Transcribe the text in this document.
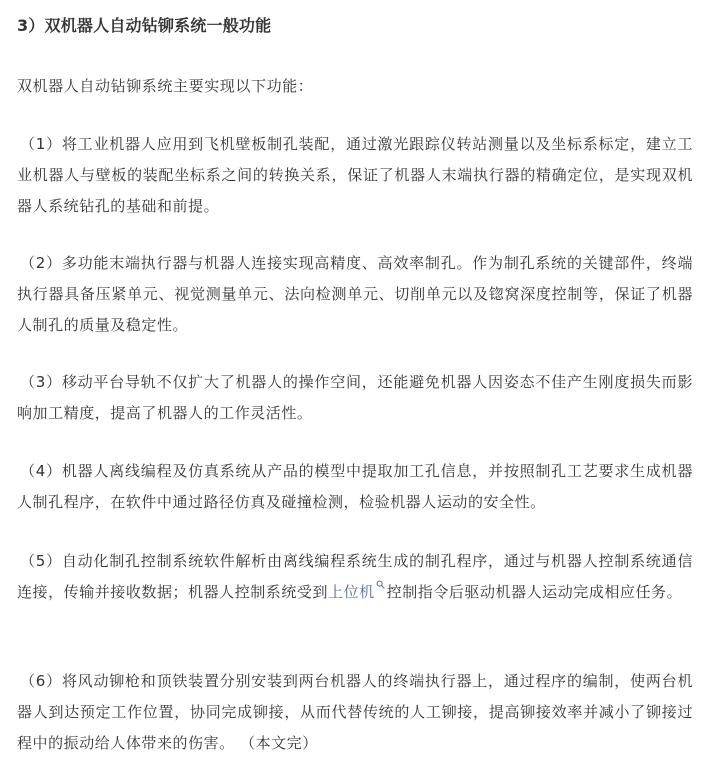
3）双机器人自动钻铆系统一般功能
双机器人自动钻铆系统主要实现以下功能：
（1）将工业机器人应用到飞机壁板制孔装配，通过激光跟踪仪转站测量以及坐标系标定，建立工业机器人与壁板的装配坐标系之间的转换关系，保证了机器人末端执行器的精确定位，是实现双机器人系统钻孔的基础和前提。
（2）多功能末端执行器与机器人连接实现高精度、高效率制孔。作为制孔系统的关键部件，终端执行器具备压紧单元、视觉测量单元、法向检测单元、切削单元以及锪窝深度控制等，保证了机器人制孔的质量及稳定性。
（3）移动平台导轨不仅扩大了机器人的操作空间，还能避免机器人因姿态不佳产生刚度损失而影响加工精度，提高了机器人的工作灵活性。
（4）机器人离线编程及仿真系统从产品的模型中提取加工孔信息，并按照制孔工艺要求生成机器人制孔程序，在软件中通过路径仿真及碰撞检测，检验机器人运动的安全性。
（5）自动化制孔控制系统软件解析由离线编程系统生成的制孔程序，通过与机器人控制系统通信连接，传输并接收数据；机器人控制系统受到上位机 控制指令后驱动机器人运动完成相应任务。
（6）将风动铆枪和顶铁装置分别安装到两台机器人的终端执行器上，通过程序的编制，使两台机器人到达预定工作位置，协同完成铆接，从而代替传统的人工铆接，提高铆接效率并减小了铆接过程中的振动给人体带来的伤害。 （本文完）
